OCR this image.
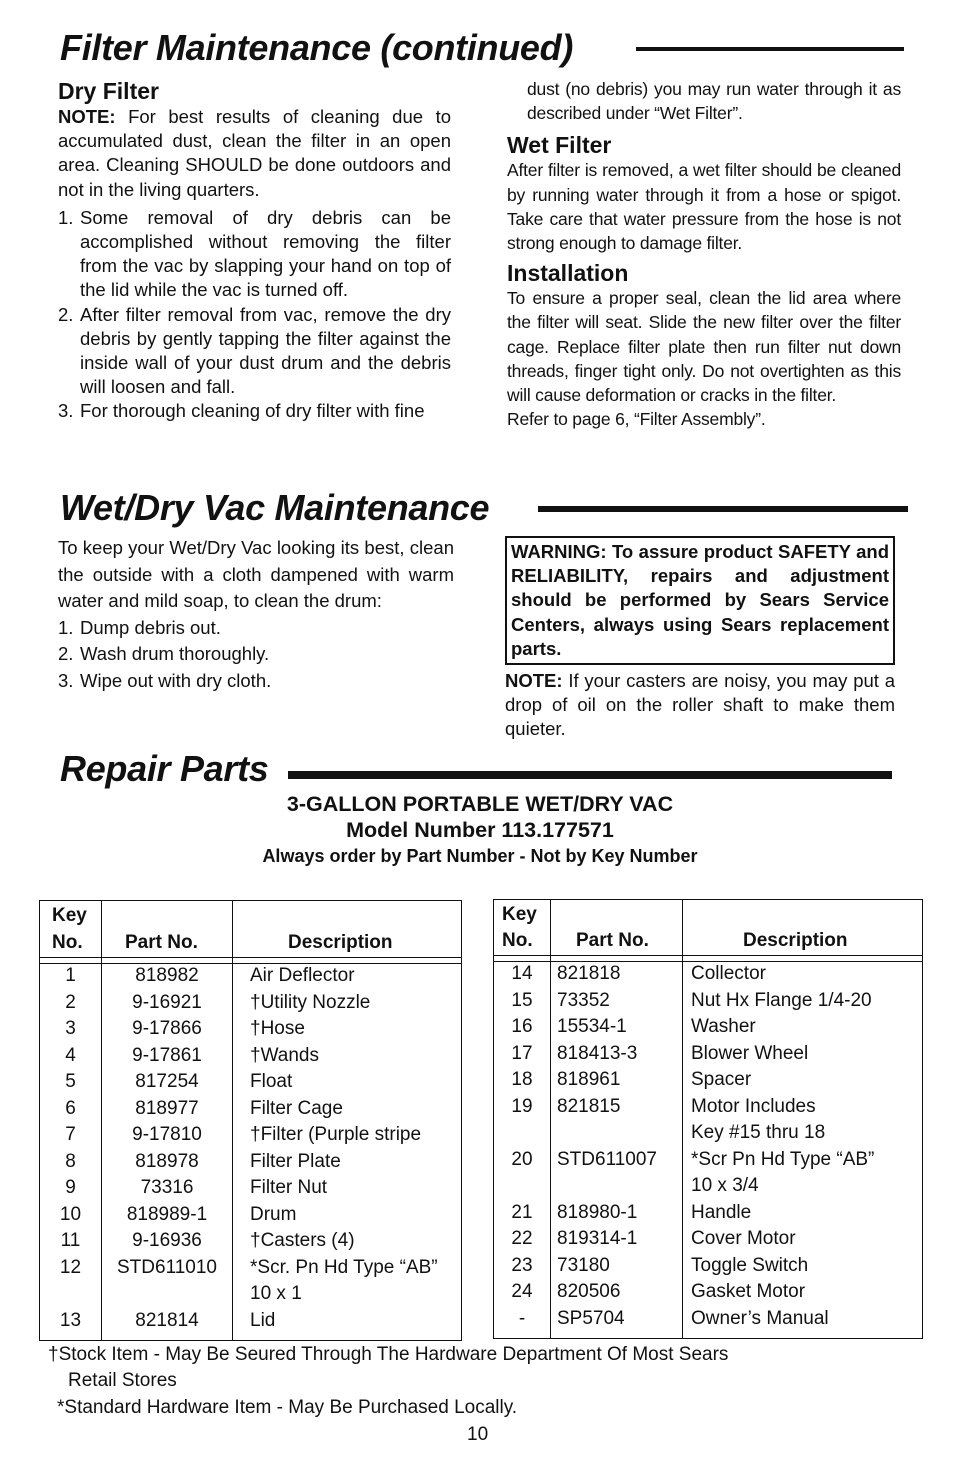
Filter Maintenance (continued)
Dry Filter
NOTE: For best results of cleaning due to accumulated dust, clean the filter in an open area. Cleaning SHOULD be done outdoors and not in the living quarters.
1. Some removal of dry debris can be accomplished without removing the filter from the vac by slapping your hand on top of the lid while the vac is turned off.
2. After filter removal from vac, remove the dry debris by gently tapping the filter against the inside wall of your dust drum and the debris will loosen and fall.
3. For thorough cleaning of dry filter with fine
dust (no debris) you may run water through it as described under “Wet Filter”.
Wet Filter
After filter is removed, a wet filter should be cleaned by running water through it from a hose or spigot. Take care that water pressure from the hose is not strong enough to damage filter.
Installation
To ensure a proper seal, clean the lid area where the filter will seat. Slide the new filter over the filter cage. Replace filter plate then run filter nut down threads, finger tight only. Do not overtighten as this will cause deformation or cracks in the filter.
Refer to page 6, “Filter Assembly”.
Wet/Dry Vac Maintenance
To keep your Wet/Dry Vac looking its best, clean the outside with a cloth dampened with warm water and mild soap, to clean the drum:
1. Dump debris out.
2. Wash drum thoroughly.
3. Wipe out with dry cloth.
WARNING: To assure product SAFETY and RELIABILITY, repairs and adjustment should be performed by Sears Service Centers, always using Sears replacement parts.
NOTE: If your casters are noisy, you may put a drop of oil on the roller shaft to make them quieter.
Repair Parts
3-GALLON PORTABLE WET/DRY VAC
Model Number 113.177571
Always order by Part Number - Not by Key Number
Key
No. Part No.	Description
1	818982	Air Deflector
2	9-16921	†Utility Nozzle
3	9-17866	†Hose
4	9-17861	†Wands
5	817254	Float
6	818977	Filter Cage
7	9-17810	†Filter (Purple stripe
8	818978	Filter Plate
9	73316	Filter Nut
10	818989-1	Drum
11	9-16936	†Casters (4)
12	STD611010	*Scr. Pn Hd Type “AB”
10 x 1
13	821814	Lid
Key
No. Part No.	Description
14	821818	Collector
15	73352	Nut Hx Flange 1/4-20
16	15534-1	Washer
17	818413-3	Blower Wheel
18	818961	Spacer
19	821815	Motor Includes
Key #15 thru 18
20	STD611007 *Scr Pn Hd Type “AB”
10 x 3/4
21	818980-1	Handle
22	819314-1	Cover Motor
23	73180	Toggle Switch
24	820506	Gasket Motor
-	SP5704	Owner’s Manual
†Stock Item - May Be Seured Through The Hardware Department Of Most Sears
Retail Stores
*Standard Hardware Item - May Be Purchased Locally.
10
